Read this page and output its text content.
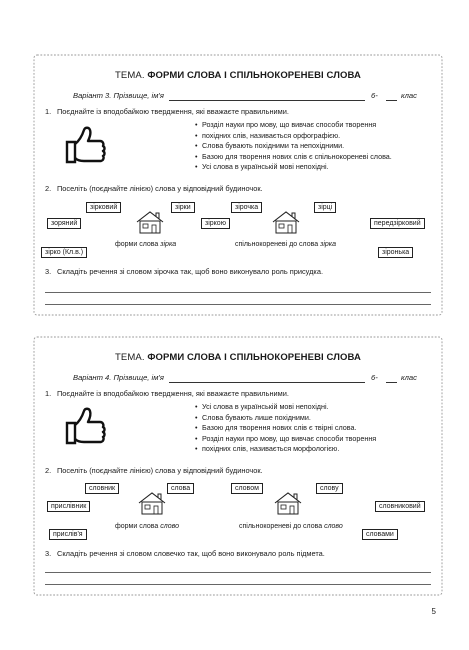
ТЕМА. ФОРМИ СЛОВА І СПІЛЬНОКОРЕНЕВІ СЛОВА
Варіант 3. Прізвище, ім'я	6-	клас
1. Поєднайте із вподобайкою твердження, які вважаєте правильними.
• Розділ науки про мову, що вивчає способи творення
• похідних слів, називається орфографією.
• Слова бувають похідними та непохідними.
• Базою для творення нових слів є спільнокореневі слова.
• Усі слова в українській мові непохідні.
2. Поселіть (поєднайте лінією) слова у відповідний будиночок.
зірковий	зірки	зірочка	зірці
зоряний	зіркою	передзірковий
зірко (Кл.в.)	зіронька
форми слова зірка	спільнокореневі до слова зірка
3. Складіть речення зі словом зірочка так, щоб воно виконувало роль присудка.
ТЕМА. ФОРМИ СЛОВА І СПІЛЬНОКОРЕНЕВІ СЛОВА
Варіант 4. Прізвище, ім'я	6-	клас
1. Поєднайте із вподобайкою твердження, які вважаєте правильними.
• Усі слова в українській мові непохідні.
• Слова бувають лише похідними.
• Базою для творення нових слів є твірні слова.
• Розділ науки про мову, що вивчає способи творення
• похідних слів, називається морфологією.
2. Поселіть (поєднайте лінією) слова у відповідний будиночок.
словник	слова	словом	слову
прислівник	словниковий
прислів'я	словами
форми слова слово	спільнокореневі до слова слово
3. Складіть речення зі словом словечко так, щоб воно виконувало роль підмета.
5
